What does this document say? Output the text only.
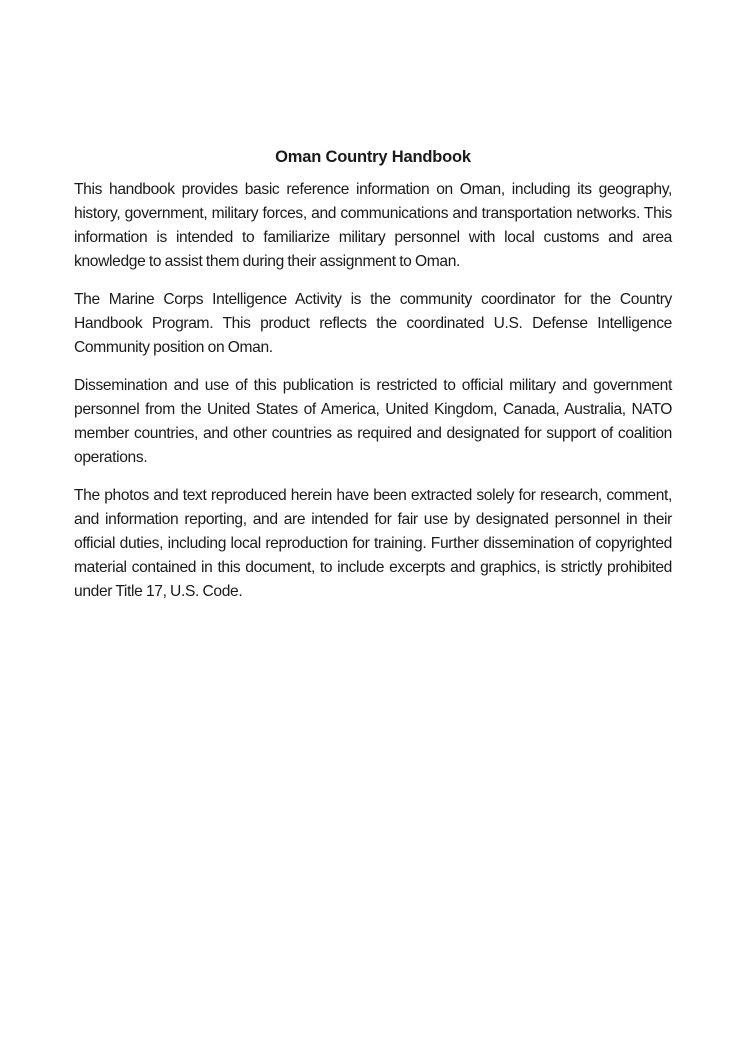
Oman Country Handbook

This handbook provides basic reference information on Oman, including its geography, history, government, military forces, and communications and transportation networks. This information is intended to familiarize military personnel with local customs and area knowledge to assist them during their assignment to Oman.

The Marine Corps Intelligence Activity is the community coordinator for the Country Handbook Program. This product reflects the coordinated U.S. Defense Intelligence Community position on Oman.

Dissemination and use of this publication is restricted to official military and government personnel from the United States of America, United Kingdom, Canada, Australia, NATO member countries, and other countries as required and designated for support of coalition operations.

The photos and text reproduced herein have been extracted solely for research, comment, and information reporting, and are intended for fair use by designated personnel in their official duties, including local reproduction for training. Further dissemination of copyrighted material contained in this document, to include excerpts and graphics, is strictly prohibited under Title 17, U.S. Code.
